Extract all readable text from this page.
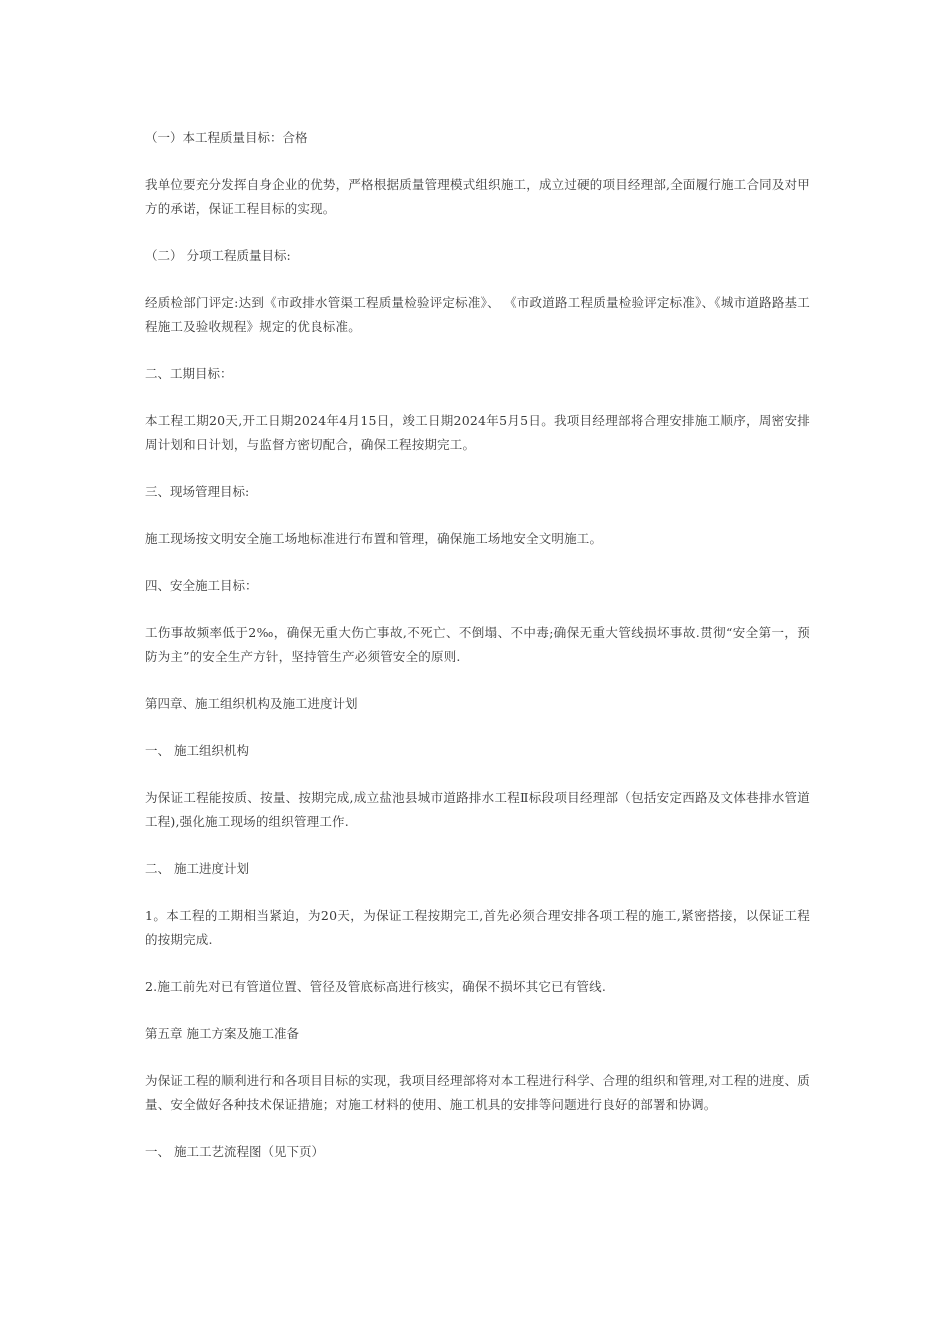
（一）本工程质量目标：合格

我单位要充分发挥自身企业的优势，严格根据质量管理模式组织施工，成立过硬的项目经理部,全面履行施工合同及对甲方的承诺，保证工程目标的实现。

（二） 分项工程质量目标:

经质检部门评定:达到《市政排水管渠工程质量检验评定标准》、 《市政道路工程质量检验评定标准》、《城市道路路基工程施工及验收规程》规定的优良标准。

二、工期目标：

本工程工期20天,开工日期2024年4月15日，竣工日期2024年5月5日。我项目经理部将合理安排施工顺序，周密安排周计划和日计划，与监督方密切配合，确保工程按期完工。

三、现场管理目标:

施工现场按文明安全施工场地标准进行布置和管理，确保施工场地安全文明施工。

四、安全施工目标：

工伤事故频率低于2‰，确保无重大伤亡事故,不死亡、不倒塌、不中毒;确保无重大管线损坏事故.贯彻“安全第一，预防为主”的安全生产方针，坚持管生产必须管安全的原则.

第四章、施工组织机构及施工进度计划

一、 施工组织机构

为保证工程能按质、按量、按期完成,成立盐池县城市道路排水工程Ⅱ标段项目经理部（包括安定西路及文体巷排水管道工程),强化施工现场的组织管理工作.

二、 施工进度计划

1。本工程的工期相当紧迫，为20天，为保证工程按期完工,首先必须合理安排各项工程的施工,紧密搭接，以保证工程的按期完成.

2.施工前先对已有管道位置、管径及管底标高进行核实，确保不损坏其它已有管线.

第五章 施工方案及施工准备

为保证工程的顺利进行和各项目目标的实现，我项目经理部将对本工程进行科学、合理的组织和管理,对工程的进度、质量、安全做好各种技术保证措施；对施工材料的使用、施工机具的安排等问题进行良好的部署和协调。

一、 施工工艺流程图（见下页）
